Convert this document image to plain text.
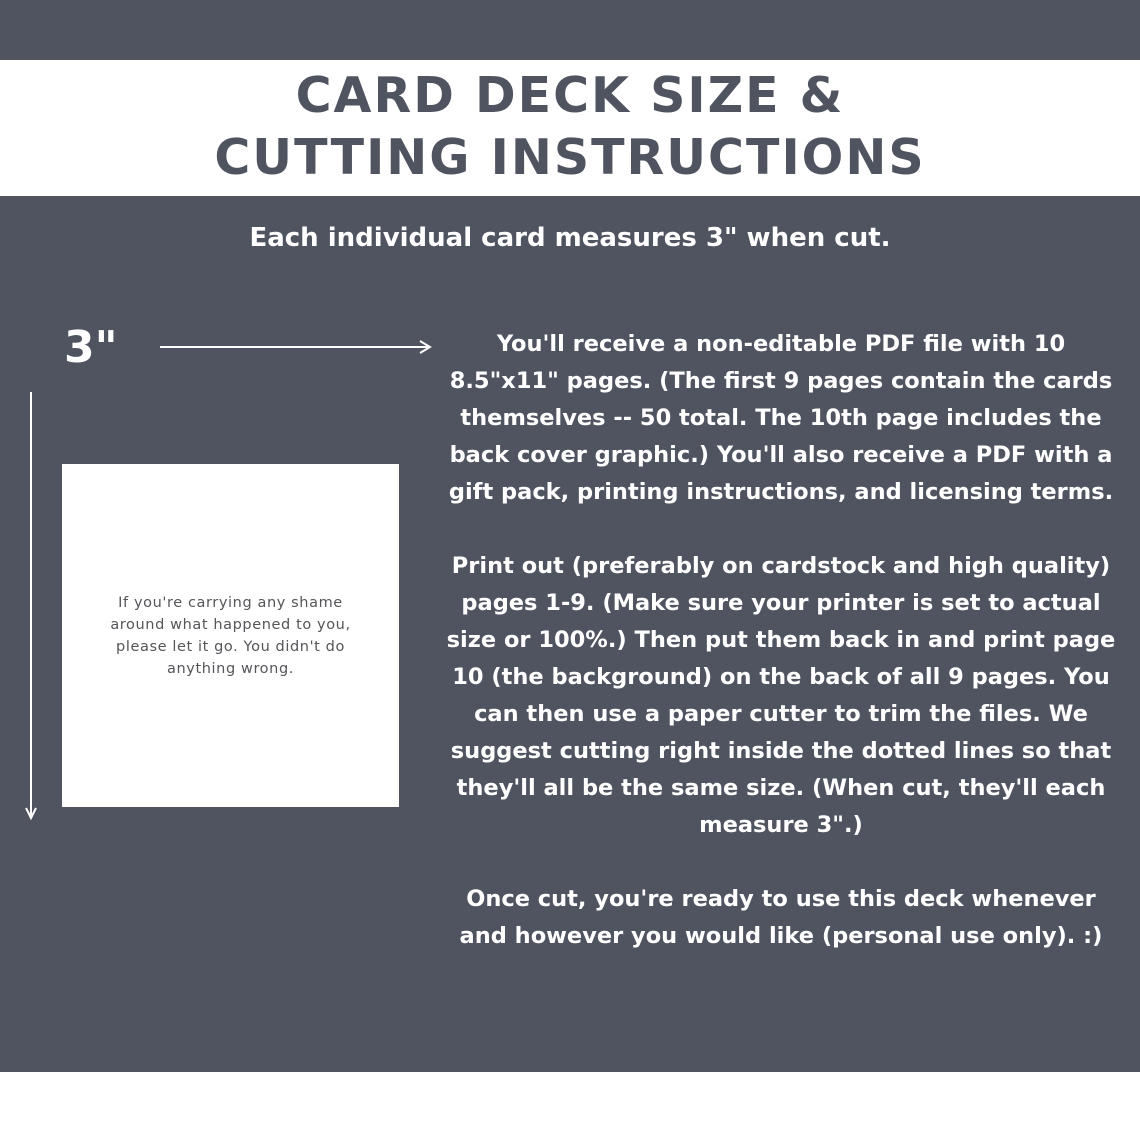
CARD DECK SIZE &
CUTTING INSTRUCTIONS
Each individual card measures 3" when cut.
3"
If you're carrying any shame around what happened to you, please let it go. You didn't do anything wrong.

You'll receive a non-editable PDF file with 10 8.5"x11" pages. (The first 9 pages contain the cards themselves -- 50 total. The 10th page includes the back cover graphic.) You'll also receive a PDF with a gift pack, printing instructions, and licensing terms.

Print out (preferably on cardstock and high quality) pages 1-9. (Make sure your printer is set to actual size or 100%.) Then put them back in and print page 10 (the background) on the back of all 9 pages. You can then use a paper cutter to trim the files. We suggest cutting right inside the dotted lines so that they'll all be the same size. (When cut, they'll each measure 3".)

Once cut, you're ready to use this deck whenever and however you would like (personal use only). :)
